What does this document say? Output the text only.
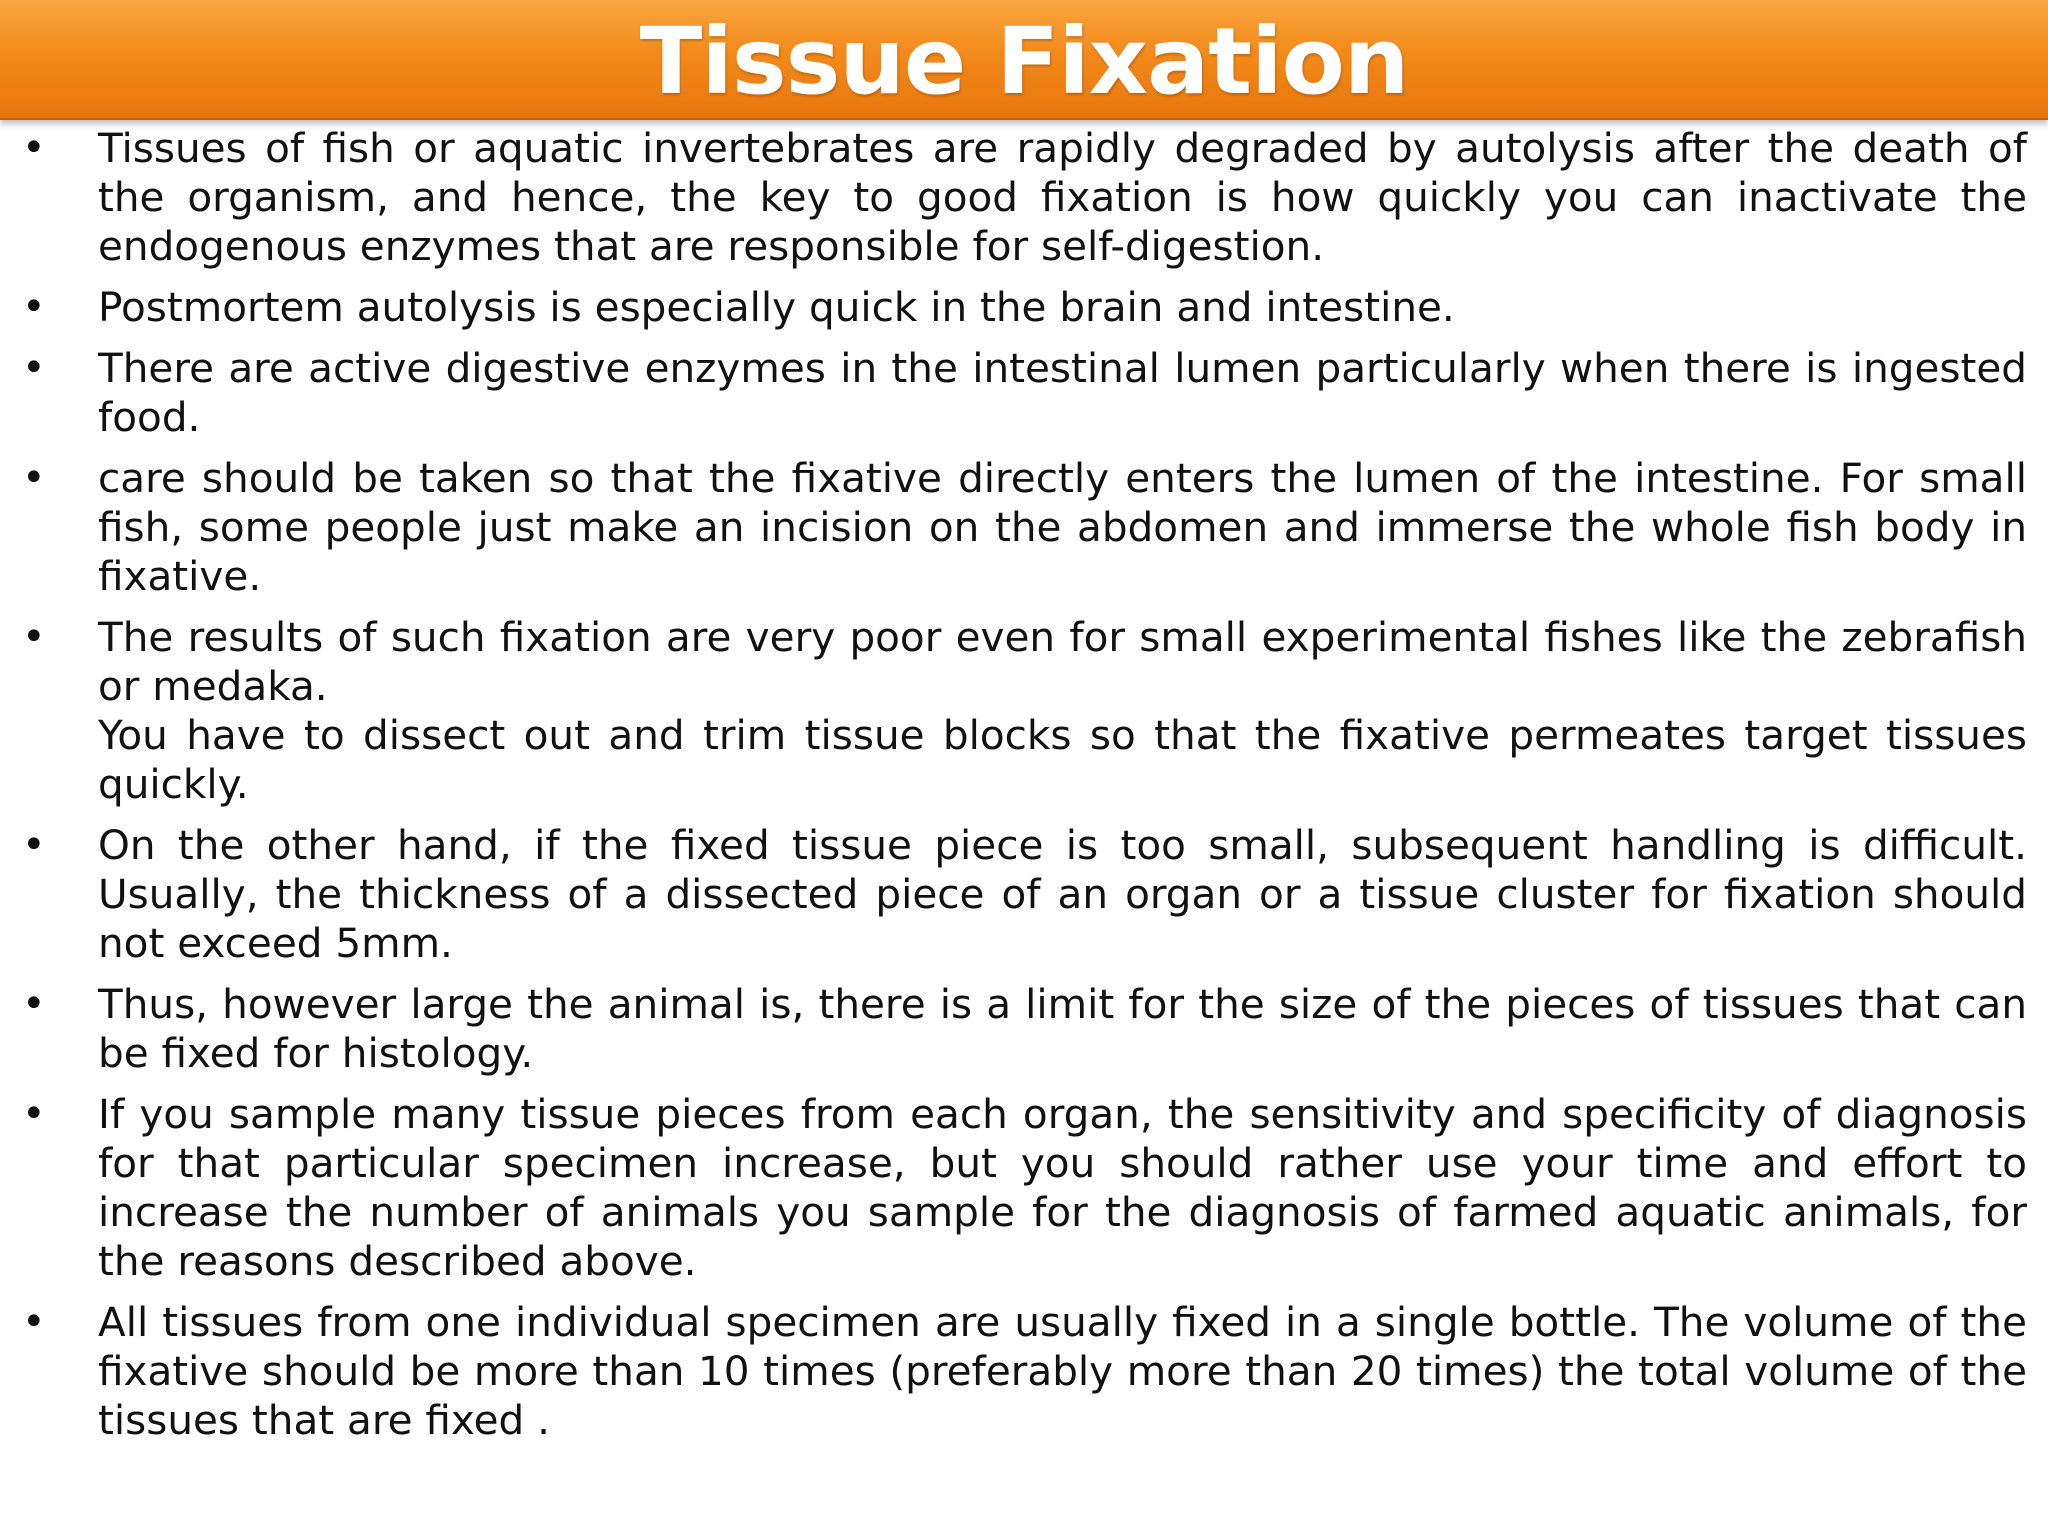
Tissue Fixation
• Tissues of fish or aquatic invertebrates are rapidly degraded by autolysis after the death of the organism, and hence, the key to good fixation is how quickly you can inactivate the endogenous enzymes that are responsible for self-digestion.
• Postmortem autolysis is especially quick in the brain and intestine.
• There are active digestive enzymes in the intestinal lumen particularly when there is ingested food.
• care should be taken so that the fixative directly enters the lumen of the intestine. For small fish, some people just make an incision on the abdomen and immerse the whole fish body in fixative.
• The results of such fixation are very poor even for small experimental fishes like the zebrafish or medaka.
You have to dissect out and trim tissue blocks so that the fixative permeates target tissues quickly.
• On the other hand, if the fixed tissue piece is too small, subsequent handling is difficult. Usually, the thickness of a dissected piece of an organ or a tissue cluster for fixation should not exceed 5mm.
• Thus, however large the animal is, there is a limit for the size of the pieces of tissues that can be fixed for histology.
• If you sample many tissue pieces from each organ, the sensitivity and specificity of diagnosis for that particular specimen increase, but you should rather use your time and effort to increase the number of animals you sample for the diagnosis of farmed aquatic animals, for the reasons described above.
• All tissues from one individual specimen are usually fixed in a single bottle. The volume of the fixative should be more than 10 times (preferably more than 20 times) the total volume of the tissues that are fixed .
